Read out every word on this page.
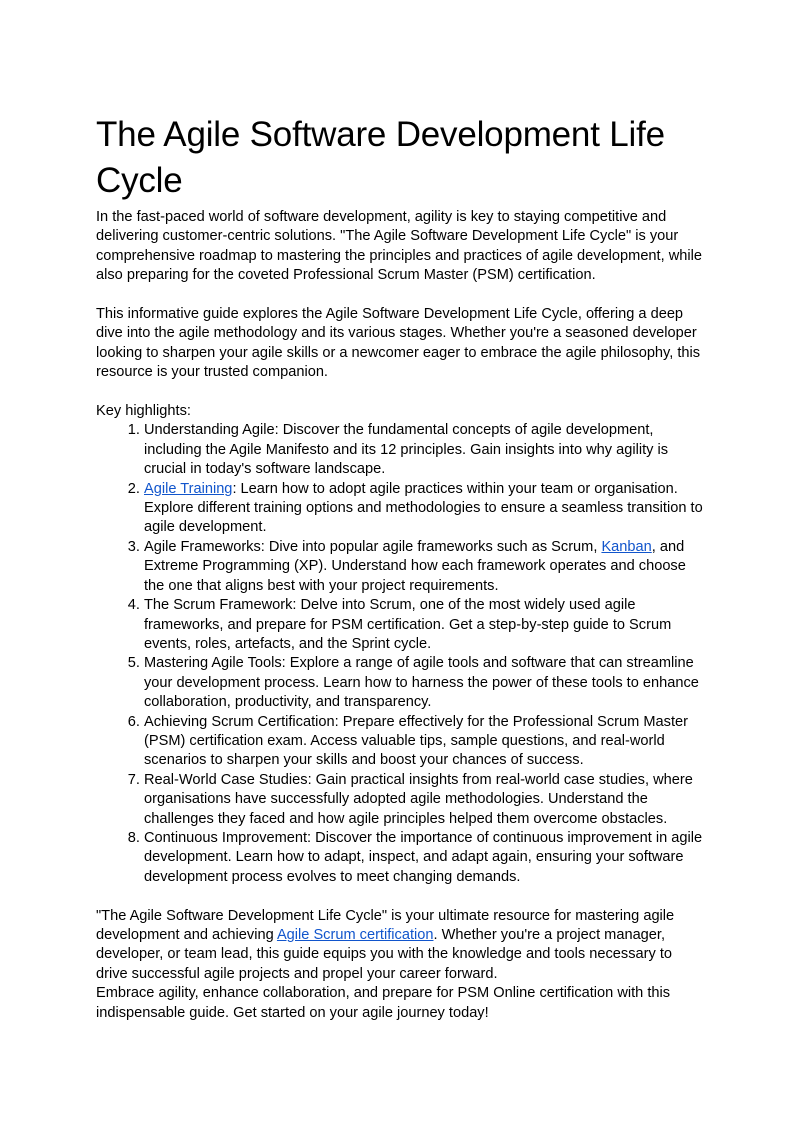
The Agile Software Development Life Cycle

In the fast-paced world of software development, agility is key to staying competitive and delivering customer-centric solutions. "The Agile Software Development Life Cycle" is your comprehensive roadmap to mastering the principles and practices of agile development, while also preparing for the coveted Professional Scrum Master (PSM) certification.

This informative guide explores the Agile Software Development Life Cycle, offering a deep dive into the agile methodology and its various stages. Whether you're a seasoned developer looking to sharpen your agile skills or a newcomer eager to embrace the agile philosophy, this resource is your trusted companion.

Key highlights:

1. Understanding Agile: Discover the fundamental concepts of agile development, including the Agile Manifesto and its 12 principles. Gain insights into why agility is crucial in today's software landscape.
2. Agile Training: Learn how to adopt agile practices within your team or organisation. Explore different training options and methodologies to ensure a seamless transition to agile development.
3. Agile Frameworks: Dive into popular agile frameworks such as Scrum, Kanban, and Extreme Programming (XP). Understand how each framework operates and choose the one that aligns best with your project requirements.
4. The Scrum Framework: Delve into Scrum, one of the most widely used agile frameworks, and prepare for PSM certification. Get a step-by-step guide to Scrum events, roles, artefacts, and the Sprint cycle.
5. Mastering Agile Tools: Explore a range of agile tools and software that can streamline your development process. Learn how to harness the power of these tools to enhance collaboration, productivity, and transparency.
6. Achieving Scrum Certification: Prepare effectively for the Professional Scrum Master (PSM) certification exam. Access valuable tips, sample questions, and real-world scenarios to sharpen your skills and boost your chances of success.
7. Real-World Case Studies: Gain practical insights from real-world case studies, where organisations have successfully adopted agile methodologies. Understand the challenges they faced and how agile principles helped them overcome obstacles.
8. Continuous Improvement: Discover the importance of continuous improvement in agile development. Learn how to adapt, inspect, and adapt again, ensuring your software development process evolves to meet changing demands.

"The Agile Software Development Life Cycle" is your ultimate resource for mastering agile development and achieving Agile Scrum certification. Whether you're a project manager, developer, or team lead, this guide equips you with the knowledge and tools necessary to drive successful agile projects and propel your career forward.

Embrace agility, enhance collaboration, and prepare for PSM Online certification with this indispensable guide. Get started on your agile journey today!
